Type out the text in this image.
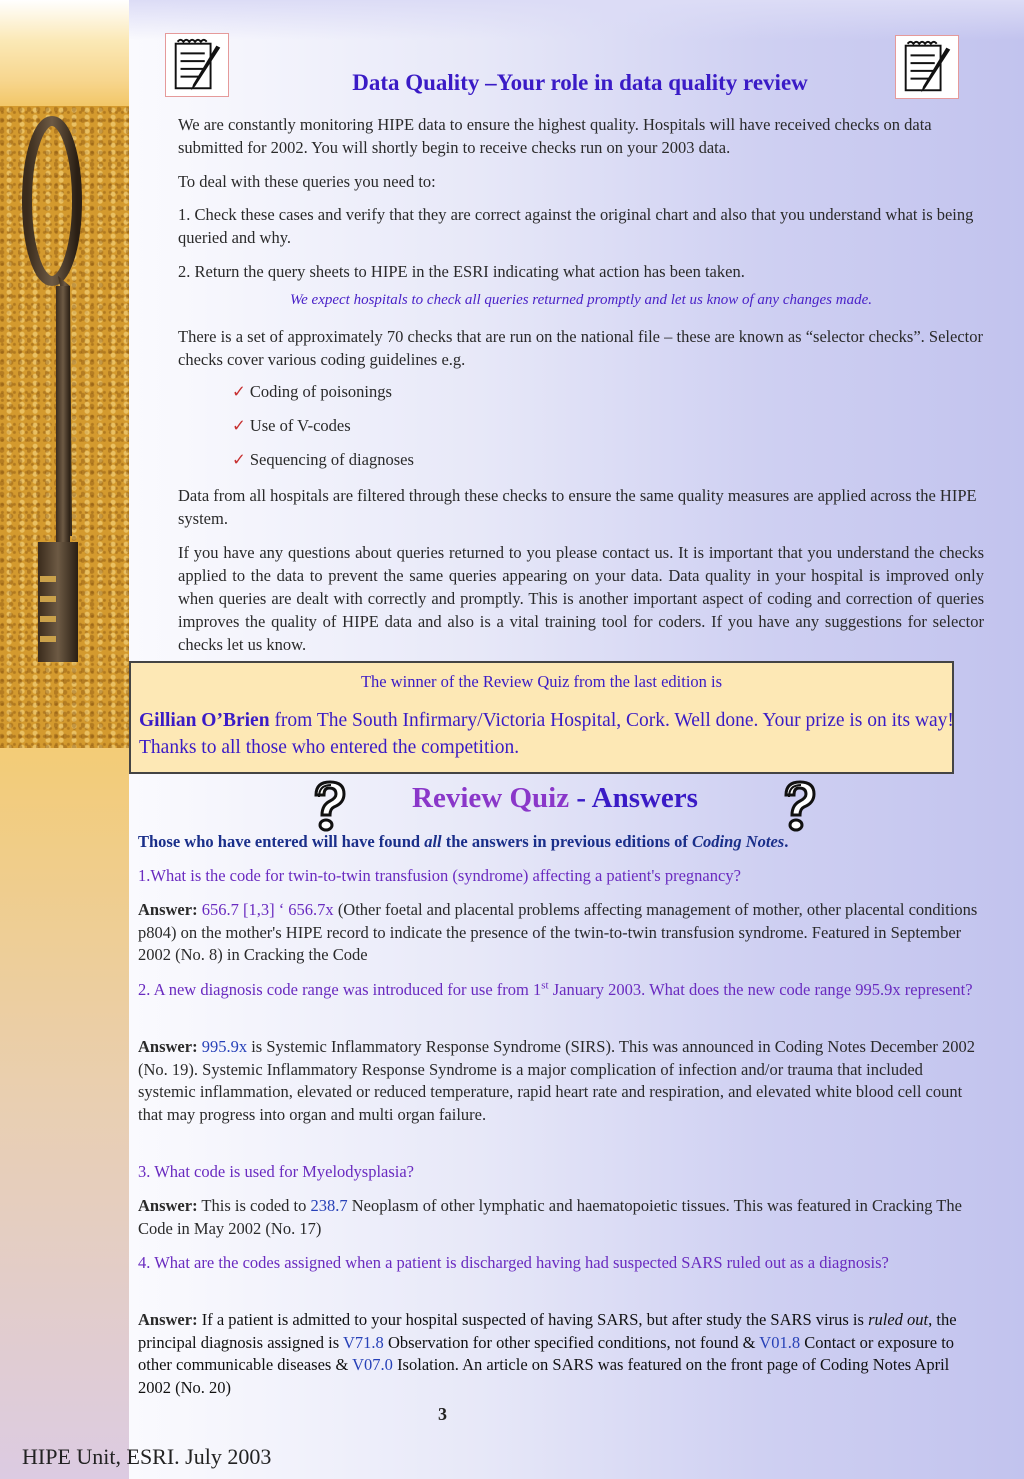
Data Quality –Your role in data quality review

We are constantly monitoring HIPE data to ensure the highest quality. Hospitals will have received checks on data submitted for 2002. You will shortly begin to receive checks run on your 2003 data.

To deal with these queries you need to:

1. Check these cases and verify that they are correct against the original chart and also that you understand what is being queried and why.

2. Return the query sheets to HIPE in the ESRI indicating what action has been taken.

We expect hospitals to check all queries returned promptly and let us know of any changes made.

There is a set of approximately 70 checks that are run on the national file – these are known as “selector checks”. Selector checks cover various coding guidelines e.g.

✓ Coding of poisonings

✓ Use of V-codes

✓ Sequencing of diagnoses

Data from all hospitals are filtered through these checks to ensure the same quality measures are applied across the HIPE system.

If you have any questions about queries returned to you please contact us. It is important that you understand the checks applied to the data to prevent the same queries appearing on your data. Data quality in your hospital is improved only when queries are dealt with correctly and promptly. This is another important aspect of coding and correction of queries improves the quality of HIPE data and also is a vital training tool for coders. If you have any suggestions for selector checks let us know.

The winner of the Review Quiz from the last edition is

Gillian O’Brien from The South Infirmary/Victoria Hospital, Cork. Well done. Your prize is on its way! Thanks to all those who entered the competition.

Review Quiz - Answers

Those who have entered will have found all the answers in previous editions of Coding Notes.

1.What is the code for twin-to-twin transfusion (syndrome) affecting a patient's pregnancy?

Answer: 656.7 [1,3] ‘ 656.7x (Other foetal and placental problems affecting management of mother, other placental conditions p804) on the mother's HIPE record to indicate the presence of the twin-to-twin transfusion syndrome. Featured in September 2002 (No. 8) in Cracking the Code

2. A new diagnosis code range was introduced for use from 1st January 2003. What does the new code range 995.9x represent?

Answer: 995.9x is Systemic Inflammatory Response Syndrome (SIRS). This was announced in Coding Notes December 2002 (No. 19). Systemic Inflammatory Response Syndrome is a major complication of infection and/or trauma that included systemic inflammation, elevated or reduced temperature, rapid heart rate and respiration, and elevated white blood cell count that may progress into organ and multi organ failure.

3. What code is used for Myelodysplasia?

Answer: This is coded to 238.7 Neoplasm of other lymphatic and haematopoietic tissues. This was featured in Cracking The Code in May 2002 (No. 17)

4. What are the codes assigned when a patient is discharged having had suspected SARS ruled out as a diagnosis?

Answer: If a patient is admitted to your hospital suspected of having SARS, but after study the SARS virus is ruled out, the principal diagnosis assigned is V71.8 Observation for other specified conditions, not found & V01.8 Contact or exposure to other communicable diseases & V07.0 Isolation. An article on SARS was featured on the front page of Coding Notes April 2002 (No. 20)

3

HIPE Unit, ESRI. July 2003
